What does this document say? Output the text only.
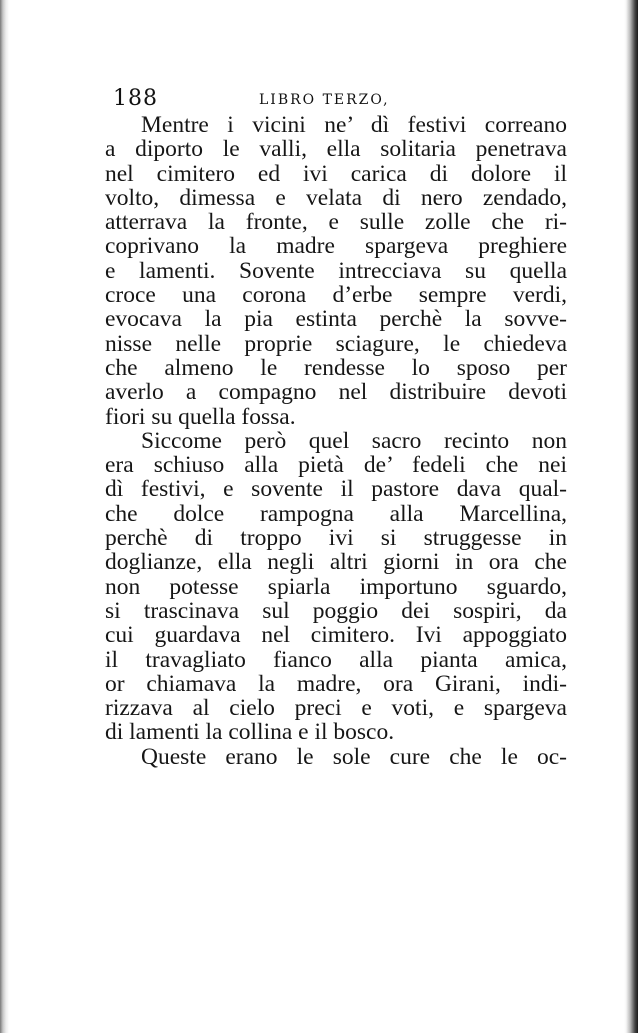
188	LIBRO TERZO,
Mentre i vicini ne’ dì festivi correano
a diporto le valli, ella solitaria penetrava
nel cimitero ed ivi carica di dolore il
volto, dimessa e velata di nero zendado,
atterrava la fronte, e sulle zolle che ri-
coprivano la madre spargeva preghiere
e lamenti. Sovente intrecciava su quella
croce una corona d’erbe sempre verdi,
evocava la pia estinta perchè la sovve-
nisse nelle proprie sciagure, le chiedeva
che almeno le rendesse lo sposo per
averlo a compagno nel distribuire devoti
fiori su quella fossa.
Siccome però quel sacro recinto non
era schiuso alla pietà de’ fedeli che nei
dì festivi, e sovente il pastore dava qual-
che dolce rampogna alla Marcellina,
perchè di troppo ivi si struggesse in
doglianze, ella negli altri giorni in ora che
non potesse spiarla importuno sguardo,
si trascinava sul poggio dei sospiri, da
cui guardava nel cimitero. Ivi appoggiato
il travagliato fianco alla pianta amica,
or chiamava la madre, ora Girani, indi-
rizzava al cielo preci e voti, e spargeva
di lamenti la collina e il bosco.
Queste erano le sole cure che le oc-
